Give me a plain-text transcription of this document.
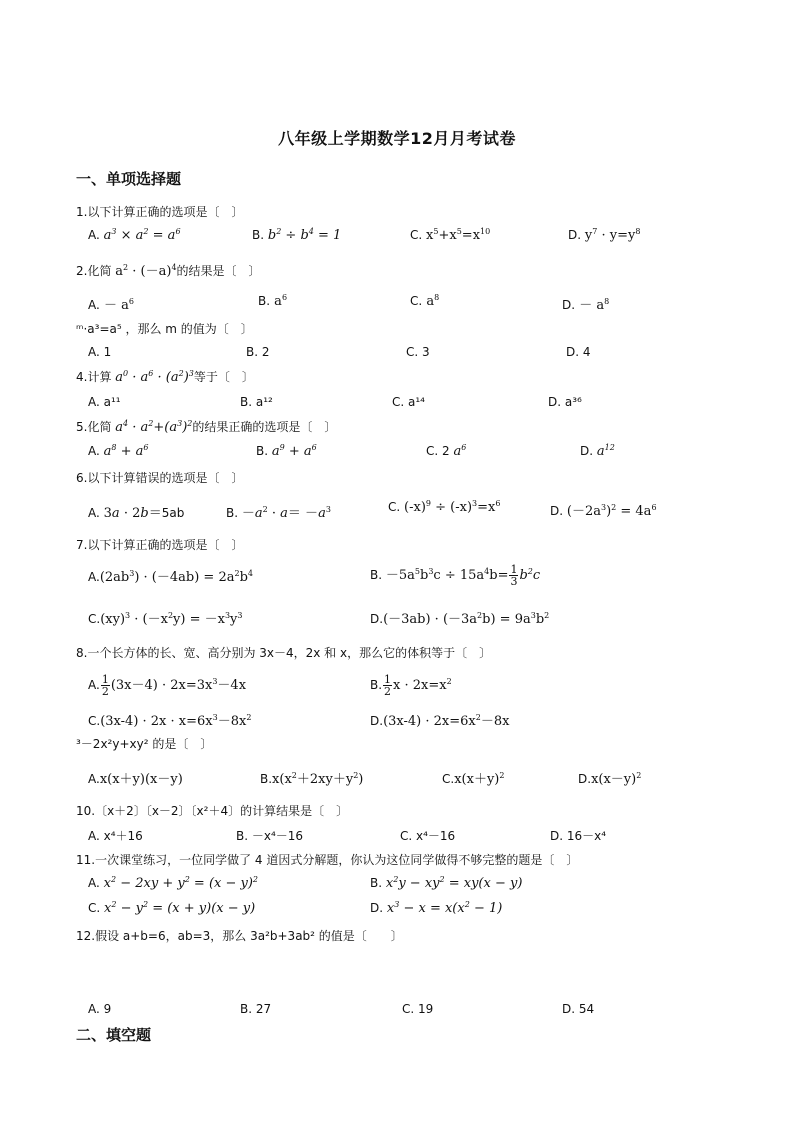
八年级上学期数学12月月考试卷
一、单项选择题
1.以下计算正确的选项是〔　〕
A. $a^3 \times a^2 = a^6$	B. $b^2 \div b^4 = 1$	C. $x^5+x^5=x^{10}$	D. $y^7 \cdot y=y^8$
2.化简 $a^2 \cdot (-a)^4$的结果是〔　〕
A. － $a^6$	B. $a^6$	C. $a^8$
D. － $a^8$
ᵐ·a³=a⁵ ，那么 m 的值为〔　〕
A. 1	B. 2	C. 3	D. 4
4.计算 $a^0 \cdot a^6 \cdot (a^2)^3$等于〔　〕
A. a¹¹	B. a¹²	C. a¹⁴	D. a³⁶
5.化简 $a^4 \cdot a^2+(a^3)^2$的结果正确的选项是〔　〕
A. $a^8 + a^6$	B. $a^9 + a^6$	C. 2 $a^6$	D. $a^{12}$
6.以下计算错误的选项是〔　〕
A. 3a · 2b＝5ab	B. $-a^2 \cdot a= -a^3$	C. $(-x)^9 \div (-x)^3=x^6$
D. $(-2a^3)^2 = 4a^6$
7.以下计算正确的选项是〔　〕
$A.(2ab^3) \cdot (-4ab) = 2a^2b^4$	B. $-5a^5b^3c \div 15a^4b= \frac{1}{3} b^2c$
$C.(xy)^3 \cdot (-x^2y) = -x^3y^3$	$D.(-3ab) \cdot (-3a^2b) = 9a^3b^2$
8.一个长方体的长、宽、高分别为 3x－4，2x 和 x，那么它的体积等于〔　〕
A. $\frac{1}{2} (3x-4) \cdot 2x=3x^3-4x$	B. $\frac{1}{2}$ $x \cdot 2x=x^2$
$C.(3x-4) \cdot 2x \cdot x=6x^3-8x^2$	$D.(3x-4) \cdot 2x=6x^2-8x$
³－2x²y+xy² 的是〔　〕
A.x(x＋y)(x－y)	$B.x(x^2+2xy+y^2)$	$C.x(x+y)^2$	$D.x(x-y)^2$
10.〔x＋2〕〔x－2〕〔x²＋4〕的计算结果是〔　〕
A. x⁴＋16	B. －x⁴－16	C. x⁴－16	D. 16－x⁴
11.一次课堂练习，一位同学做了 4 道因式分解题，你认为这位同学做得不够完整的题是〔　〕
A. $x^2 - 2xy + y^2 = (x - y)^2$	B. $x^2y - xy^2 = xy(x - y)$
C. $x^2 - y^2 = (x + y)(x - y)$	D. $x^3 - x = x(x^2 - 1)$
12.假设 a+b=6，ab=3，那么 3a²b+3ab² 的值是〔　　〕
A. 9	B. 27	C. 19	D. 54
二、填空题
